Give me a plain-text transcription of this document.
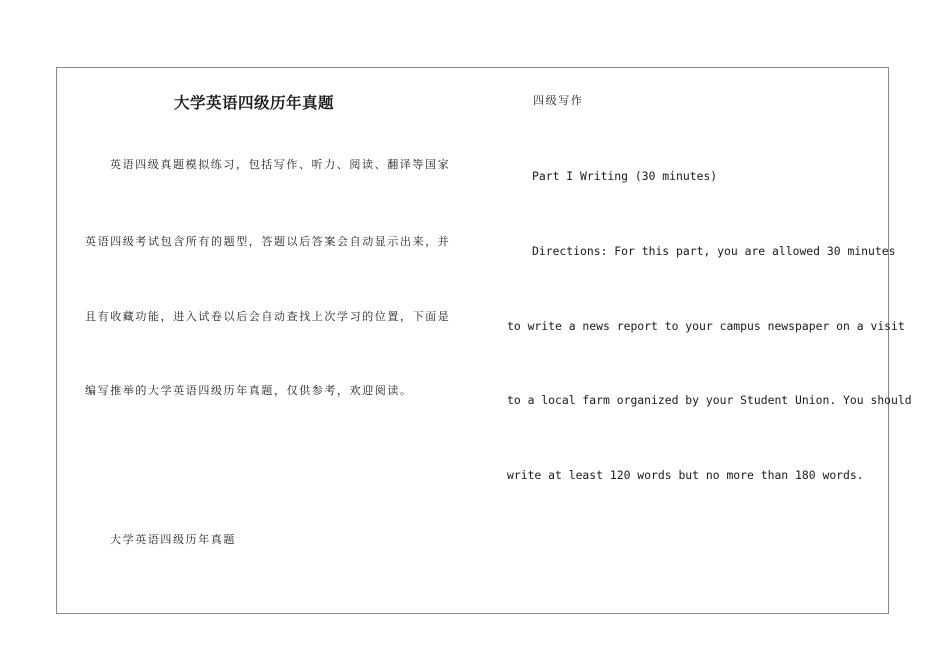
大学英语四级历年真题
英语四级真题模拟练习，包括写作、听力、阅读、翻译等国家
英语四级考试包含所有的题型，答题以后答案会自动显示出来，并
且有收藏功能，进入试卷以后会自动查找上次学习的位置，下面是
编写推举的大学英语四级历年真题，仅供参考，欢迎阅读。
大学英语四级历年真题
四级写作
Part I Writing (30 minutes)
Directions: For this part, you are allowed 30 minutes
to write a news report to your campus newspaper on a visit
to a local farm organized by your Student Union. You should
write at least 120 words but no more than 180 words.
